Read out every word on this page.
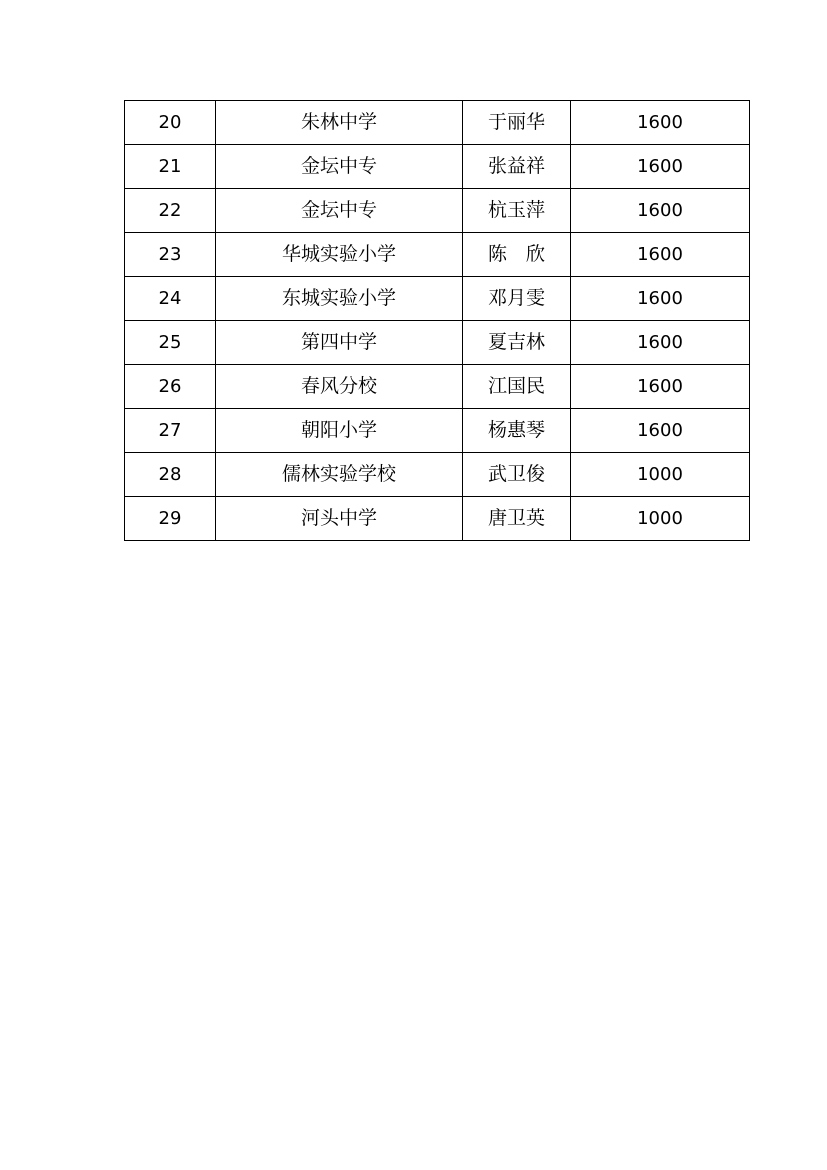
20	朱林中学	于丽华	1600
21	金坛中专	张益祥	1600
22	金坛中专	杭玉萍	1600
23	华城实验小学	陈　欣	1600
24	东城实验小学	邓月雯	1600
25	第四中学	夏吉林	1600
26	春风分校	江国民	1600
27	朝阳小学	杨惠琴	1600
28	儒林实验学校	武卫俊	1000
29	河头中学	唐卫英	1000
